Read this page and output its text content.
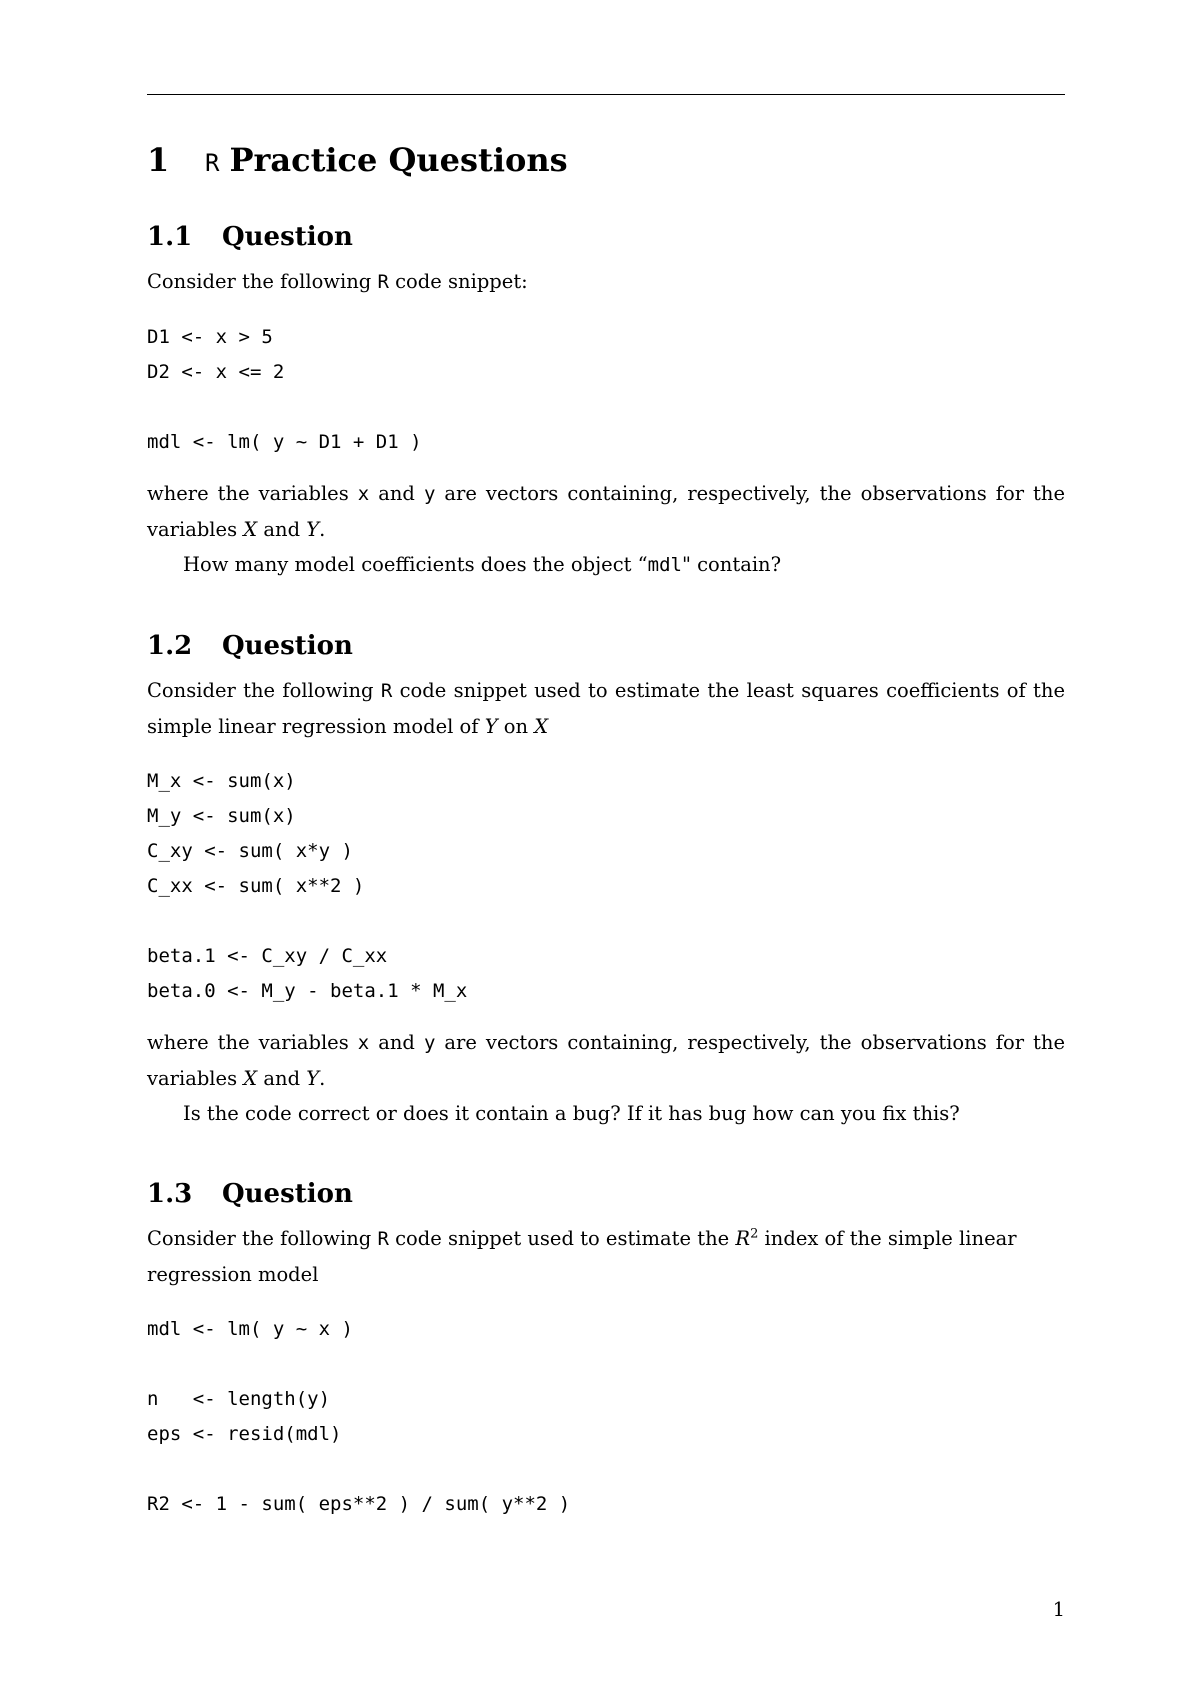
1 R Practice Questions
1.1 Question

Consider the following R code snippet:

D1 <- x > 5
D2 <- x <= 2
mdl <- lm( y ~ D1 + D1 )

where the variables x and y are vectors containing, respectively, the observations for the variables X and Y.

How many model coefficients does the object “mdl" contain?

1.2 Question

Consider the following R code snippet used to estimate the least squares coefficients of the simple linear regression model of Y on X

M_x <- sum(x)
M_y <- sum(x)
C_xy <- sum( x*y )
C_xx <- sum( x**2 )
beta.1 <- C_xy / C_xx
beta.0 <- M_y - beta.1 * M_x

where the variables x and y are vectors containing, respectively, the observations for the variables X and Y.

Is the code correct or does it contain a bug? If it has bug how can you fix this?

1.3 Question

Consider the following R code snippet used to estimate the $R^2$ index of the simple linear regression model

mdl <- lm( y ~ x )
n   <- length(y)
eps <- resid(mdl)
R2 <- 1 - sum( eps**2 ) / sum( y**2 )
1
